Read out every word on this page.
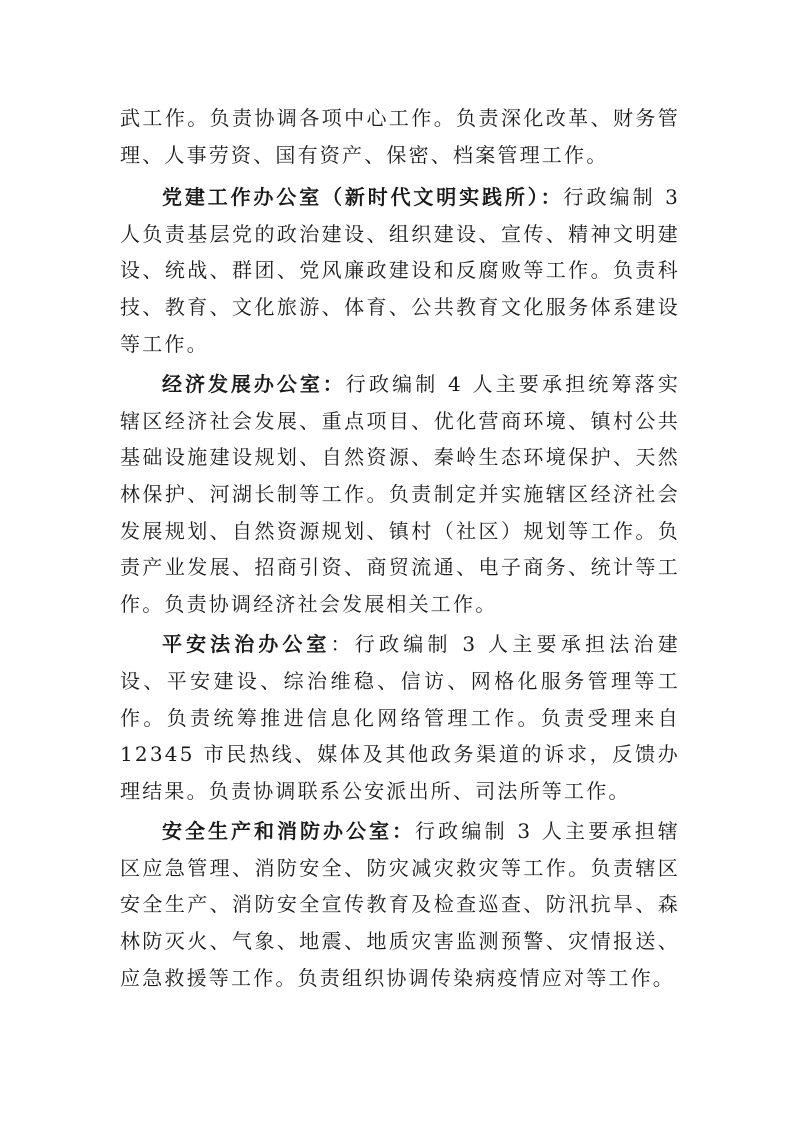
武工作。负责协调各项中心工作。负责深化改革、财务管理、人事劳资、国有资产、保密、档案管理工作。

党建工作办公室（新时代文明实践所）：行政编制 3 人负责基层党的政治建设、组织建设、宣传、精神文明建设、统战、群团、党风廉政建设和反腐败等工作。负责科技、教育、文化旅游、体育、公共教育文化服务体系建设等工作。

经济发展办公室：行政编制 4 人主要承担统筹落实辖区经济社会发展、重点项目、优化营商环境、镇村公共基础设施建设规划、自然资源、秦岭生态环境保护、天然林保护、河湖长制等工作。负责制定并实施辖区经济社会发展规划、自然资源规划、镇村（社区）规划等工作。负责产业发展、招商引资、商贸流通、电子商务、统计等工作。负责协调经济社会发展相关工作。

平安法治办公室：行政编制 3 人主要承担法治建设、平安建设、综治维稳、信访、网格化服务管理等工作。负责统筹推进信息化网络管理工作。负责受理来自 12345 市民热线、媒体及其他政务渠道的诉求，反馈办理结果。负责协调联系公安派出所、司法所等工作。

安全生产和消防办公室：行政编制 3 人主要承担辖区应急管理、消防安全、防灾减灾救灾等工作。负责辖区安全生产、消防安全宣传教育及检查巡查、防汛抗旱、森林防灭火、气象、地震、地质灾害监测预警、灾情报送、应急救援等工作。负责组织协调传染病疫情应对等工作。
